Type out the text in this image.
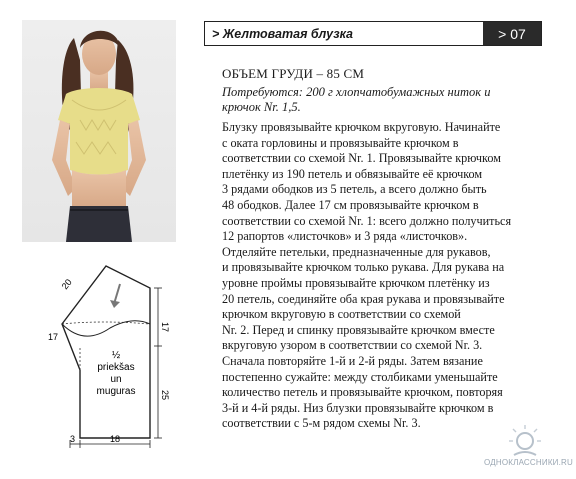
> Желтоватая блузка	> 07
ОБЪЕМ ГРУДИ – 85 СМ
Потребуются: 200 г хлопчатобумажных ниток и
крючок Nr. 1,5.
Блузку провязывайте крючком вкруговую. Начинайте
с оката горловины и провязывайте крючком в
соответствии со схемой Nr. 1. Провязывайте крючком
плетёнку из 190 петель и обвязывайте её крючком
3 рядами ободков из 5 петель, а всего должно быть
48 ободков. Далее 17 см провязывайте крючком в
соответствии со схемой Nr. 1: всего должно получиться
12 рапортов «листочков» и 3 ряда «листочков».
Отделяйте петельки, предназначенные для рукавов,
и провязывайте крючком только рукава. Для рукава на
уровне проймы провязывайте крючком плетёнку из
20 петель, соединяйте оба края рукава и провязывайте
крючком вкруговую в соответствии со схемой
Nr. 2. Перед и спинку провязывайте крючком вместе
вкруговую узором в соответствии со схемой Nr. 3.
Сначала повторяйте 1-й и 2-й ряды. Затем вязание
постепенно сужайте: между столбиками уменьшайте
количество петель и провязывайте крючком, повторяя
3-й и 4-й ряды. Низ блузки провязывайте крючком в
соответствии с 5-м рядом схемы Nr. 3.
20
17
17
25
3	18
½
priekšas
un
muguras
ОДНОКЛАССНИКИ.RU
